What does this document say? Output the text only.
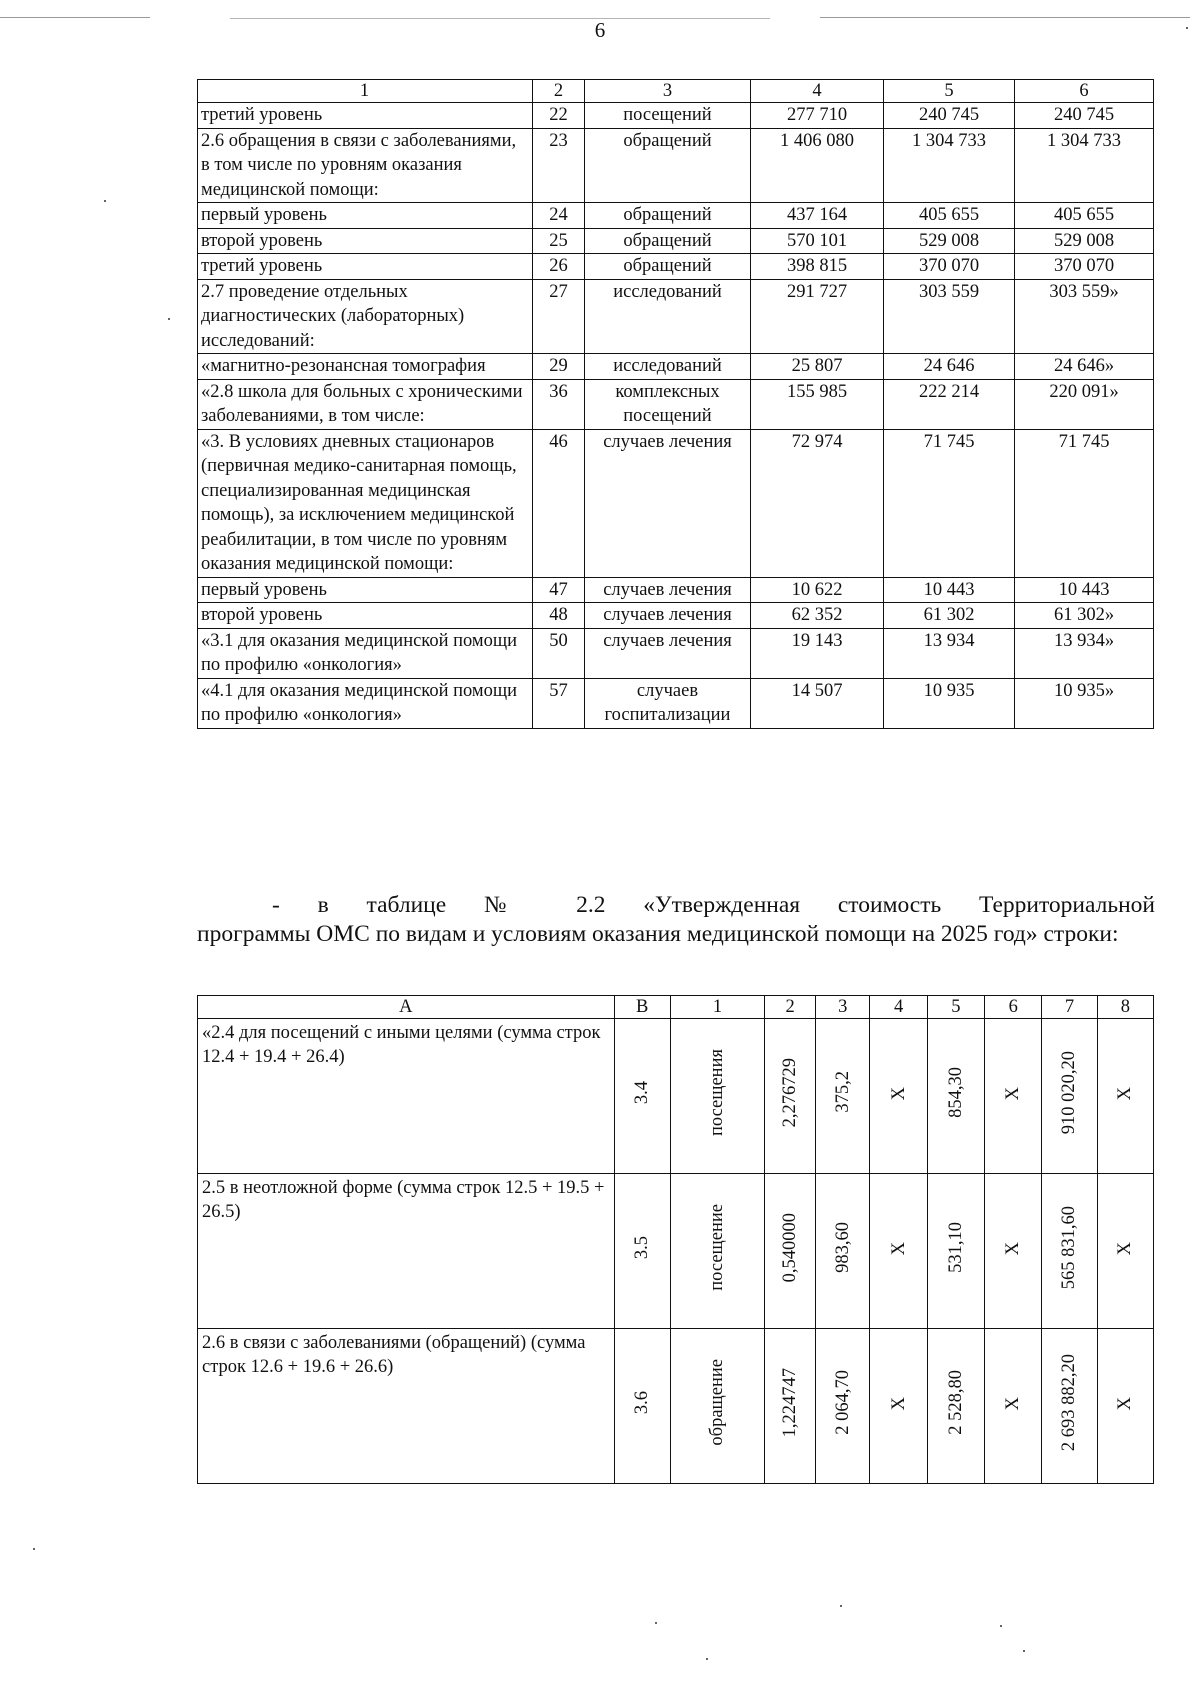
6
1	2	3	4	5	6
третий уровень	22	посещений	277 710	240 745	240 745
2.6 обращения в связи с заболеваниями, в том числе по уровням оказания медицинской помощи:	23	обращений	1 406 080	1 304 733	1 304 733
первый уровень	24	обращений	437 164	405 655	405 655
второй уровень	25	обращений	570 101	529 008	529 008
третий уровень	26	обращений	398 815	370 070	370 070
2.7 проведение отдельных диагностических (лабораторных) исследований:	27	исследований	291 727	303 559	303 559»
«магнитно-резонансная томография	29	исследований	25 807	24 646	24 646»
«2.8 школа для больных с хроническими заболеваниями, в том числе:	36	комплексных посещений	155 985	222 214	220 091»
«3. В условиях дневных стационаров (первичная медико-санитарная помощь, специализированная медицинская помощь), за исключением медицинской реабилитации, в том числе по уровням оказания медицинской помощи:	46	случаев лечения	72 974	71 745	71 745
первый уровень	47	случаев лечения	10 622	10 443	10 443
второй уровень	48	случаев лечения	62 352	61 302	61 302»
«3.1 для оказания медицинской помощи по профилю «онкология»	50	случаев лечения	19 143	13 934	13 934»
«4.1 для оказания медицинской помощи по профилю «онкология»	57	случаев госпитализации	14 507	10 935	10 935»
- в таблице № 2.2 «Утвержденная стоимость Территориальной
программы ОМС по видам и условиям оказания медицинской помощи на 2025 год» строки:
А	В	1	2	3	4	5	6	7	8
«2.4 для посещений с иными целями (сумма строк 12.4 + 19.4 + 26.4)	3.4	посещения	2,276729	375,2	Х	854,30	Х	910 020,20	Х
2.5 в неотложной форме (сумма строк 12.5 + 19.5 + 26.5)	3.5	посещение	0,540000	983,60	Х	531,10	Х	565 831,60	Х
2.6 в связи с заболеваниями (обращений) (сумма строк 12.6 + 19.6 + 26.6)	3.6	обращение	1,224747	2 064,70	Х	2 528,80	Х	2 693 882,20	Х
